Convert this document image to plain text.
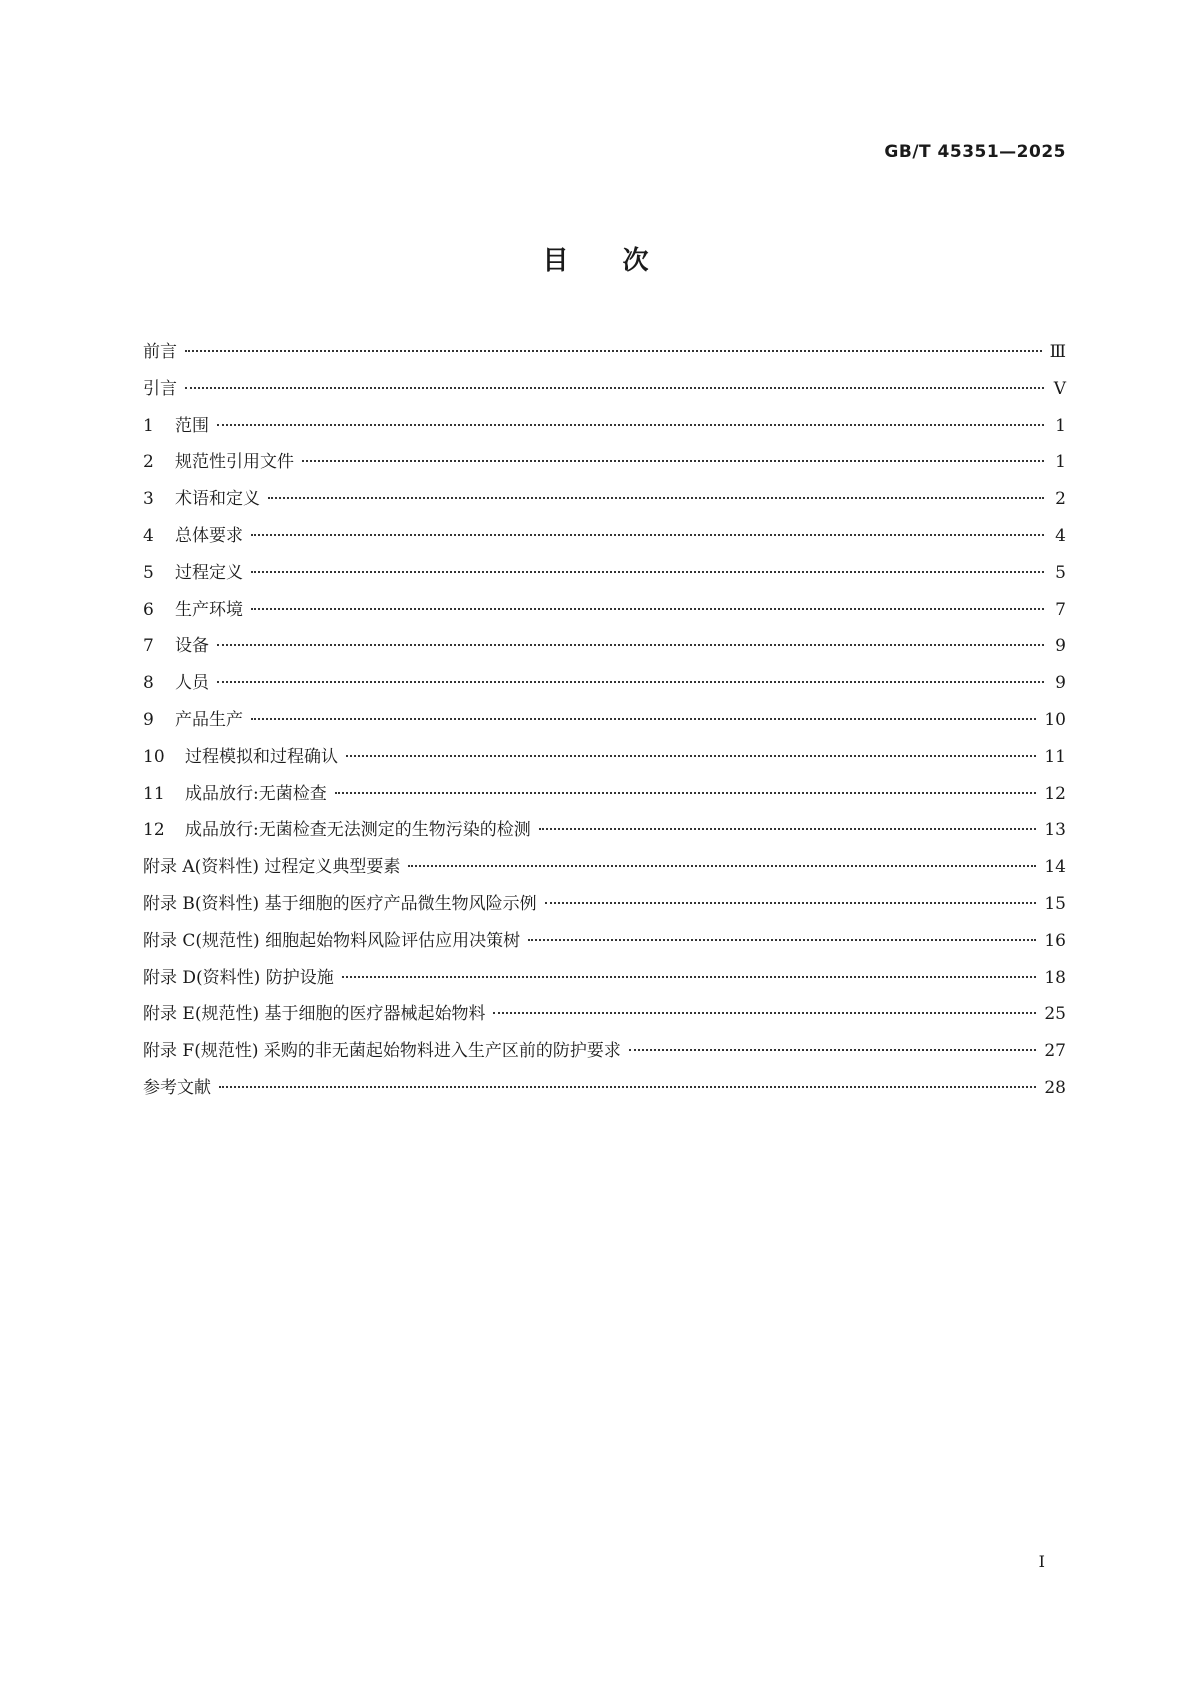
GB/T 45351—2025
目次
前言	Ⅲ
引言	Ⅴ
1	范围	1
2	规范性引用文件	1
3	术语和定义	2
4	总体要求	4
5	过程定义	5
6	生产环境	7
7	设备	9
8	人员	9
9	产品生产	10
10	过程模拟和过程确认	11
11	成品放行:无菌检查	12
12	成品放行:无菌检查无法测定的生物污染的检测	13
附录 A(资料性) 过程定义典型要素	14
附录 B(资料性) 基于细胞的医疗产品微生物风险示例	15
附录 C(规范性) 细胞起始物料风险评估应用决策树	16
附录 D(资料性) 防护设施	18
附录 E(规范性) 基于细胞的医疗器械起始物料	25
附录 F(规范性) 采购的非无菌起始物料进入生产区前的防护要求	27
参考文献	28
I
